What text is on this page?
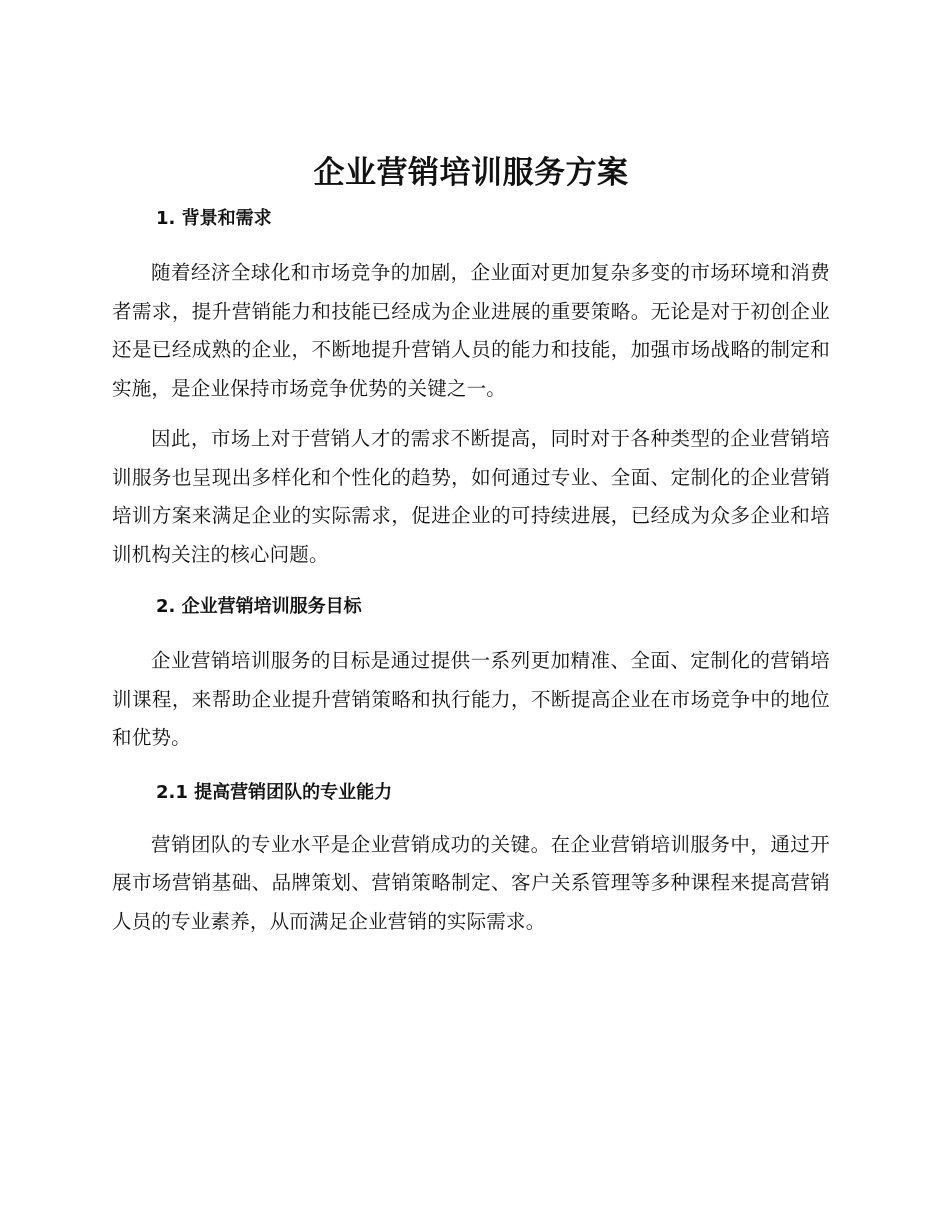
企业营销培训服务方案
1. 背景和需求

随着经济全球化和市场竞争的加剧，企业面对更加复杂多变的市场环境和消费者需求，提升营销能力和技能已经成为企业进展的重要策略。无论是对于初创企业还是已经成熟的企业，不断地提升营销人员的能力和技能，加强市场战略的制定和实施，是企业保持市场竞争优势的关键之一。

因此，市场上对于营销人才的需求不断提高，同时对于各种类型的企业营销培训服务也呈现出多样化和个性化的趋势，如何通过专业、全面、定制化的企业营销培训方案来满足企业的实际需求，促进企业的可持续进展，已经成为众多企业和培训机构关注的核心问题。

2. 企业营销培训服务目标

企业营销培训服务的目标是通过提供一系列更加精准、全面、定制化的营销培训课程，来帮助企业提升营销策略和执行能力，不断提高企业在市场竞争中的地位和优势。

2.1 提高营销团队的专业能力

营销团队的专业水平是企业营销成功的关键。在企业营销培训服务中，通过开展市场营销基础、品牌策划、营销策略制定、客户关系管理等多种课程来提高营销人员的专业素养，从而满足企业营销的实际需求。
